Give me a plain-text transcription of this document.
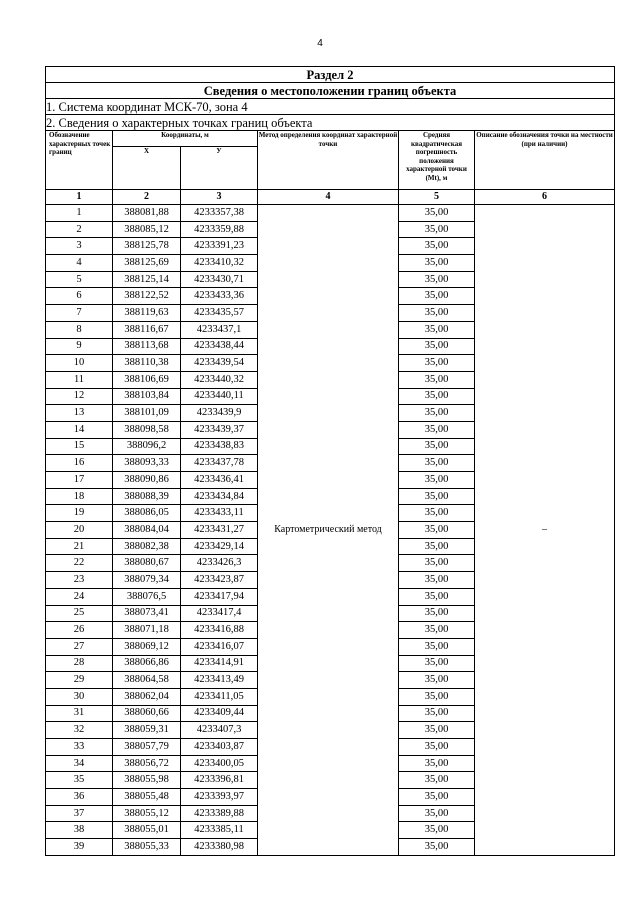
4
Раздел 2					
Сведения о местоположении границ объекта					
1. Система координат МСК-70, зона 4					
2. Сведения о характерных точках границ объекта					
Обозначение характерных точек границ	Координаты, м		Метод определения координат характерной точки	Средняя квадратическая погрешность положения характерной точки (Mt), м	Описание обозначения точки на местности (при наличии)
	Х	У			
1	2	3	4	5	6
1	388081,88	4233357,38	Картометрический метод	35,00	–
2	388085,12	4233359,88		35,00	
3	388125,78	4233391,23		35,00	
4	388125,69	4233410,32		35,00	
5	388125,14	4233430,71		35,00	
6	388122,52	4233433,36		35,00	
7	388119,63	4233435,57		35,00	
8	388116,67	4233437,1		35,00	
9	388113,68	4233438,44		35,00	
10	388110,38	4233439,54		35,00	
11	388106,69	4233440,32		35,00	
12	388103,84	4233440,11		35,00	
13	388101,09	4233439,9		35,00	
14	388098,58	4233439,37		35,00	
15	388096,2	4233438,83		35,00	
16	388093,33	4233437,78		35,00	
17	388090,86	4233436,41		35,00	
18	388088,39	4233434,84		35,00	
19	388086,05	4233433,11		35,00	
20	388084,04	4233431,27		35,00	
21	388082,38	4233429,14		35,00	
22	388080,67	4233426,3		35,00	
23	388079,34	4233423,87		35,00	
24	388076,5	4233417,94		35,00	
25	388073,41	4233417,4		35,00	
26	388071,18	4233416,88		35,00	
27	388069,12	4233416,07		35,00	
28	388066,86	4233414,91		35,00	
29	388064,58	4233413,49		35,00	
30	388062,04	4233411,05		35,00	
31	388060,66	4233409,44		35,00	
32	388059,31	4233407,3		35,00	
33	388057,79	4233403,87		35,00	
34	388056,72	4233400,05		35,00	
35	388055,98	4233396,81		35,00	
36	388055,48	4233393,97		35,00	
37	388055,12	4233389,88		35,00	
38	388055,01	4233385,11		35,00	
39	388055,33	4233380,98		35,00	
